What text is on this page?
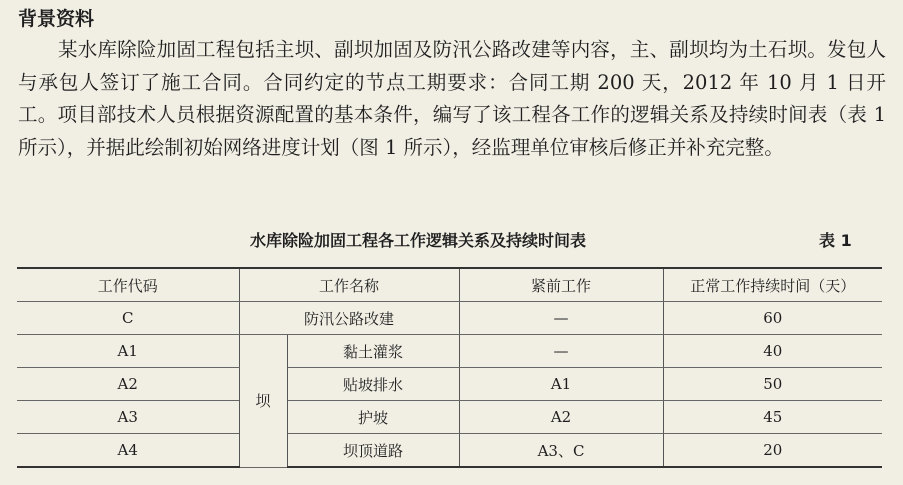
背景资料

某水库除险加固工程包括主坝、副坝加固及防汛公路改建等内容，主、副坝均为土石坝。发包人与承包人签订了施工合同。合同约定的节点工期要求：合同工期 200 天，2012 年 10 月 1 日开工。项目部技术人员根据资源配置的基本条件，编写了该工程各工作的逻辑关系及持续时间表（表 1 所示），并据此绘制初始网络进度计划（图 1 所示），经监理单位审核后修正并补充完整。

水库除险加固工程各工作逻辑关系及持续时间表	表 1
工作代码	工作名称		紧前工作	正常工作持续时间（天）
C	防汛公路改建		—	60
A1	坝	黏土灌浆	—	40
A2		贴坡排水	A1	50
A3		护坡	A2	45
A4		坝顶道路	A3、C	20
